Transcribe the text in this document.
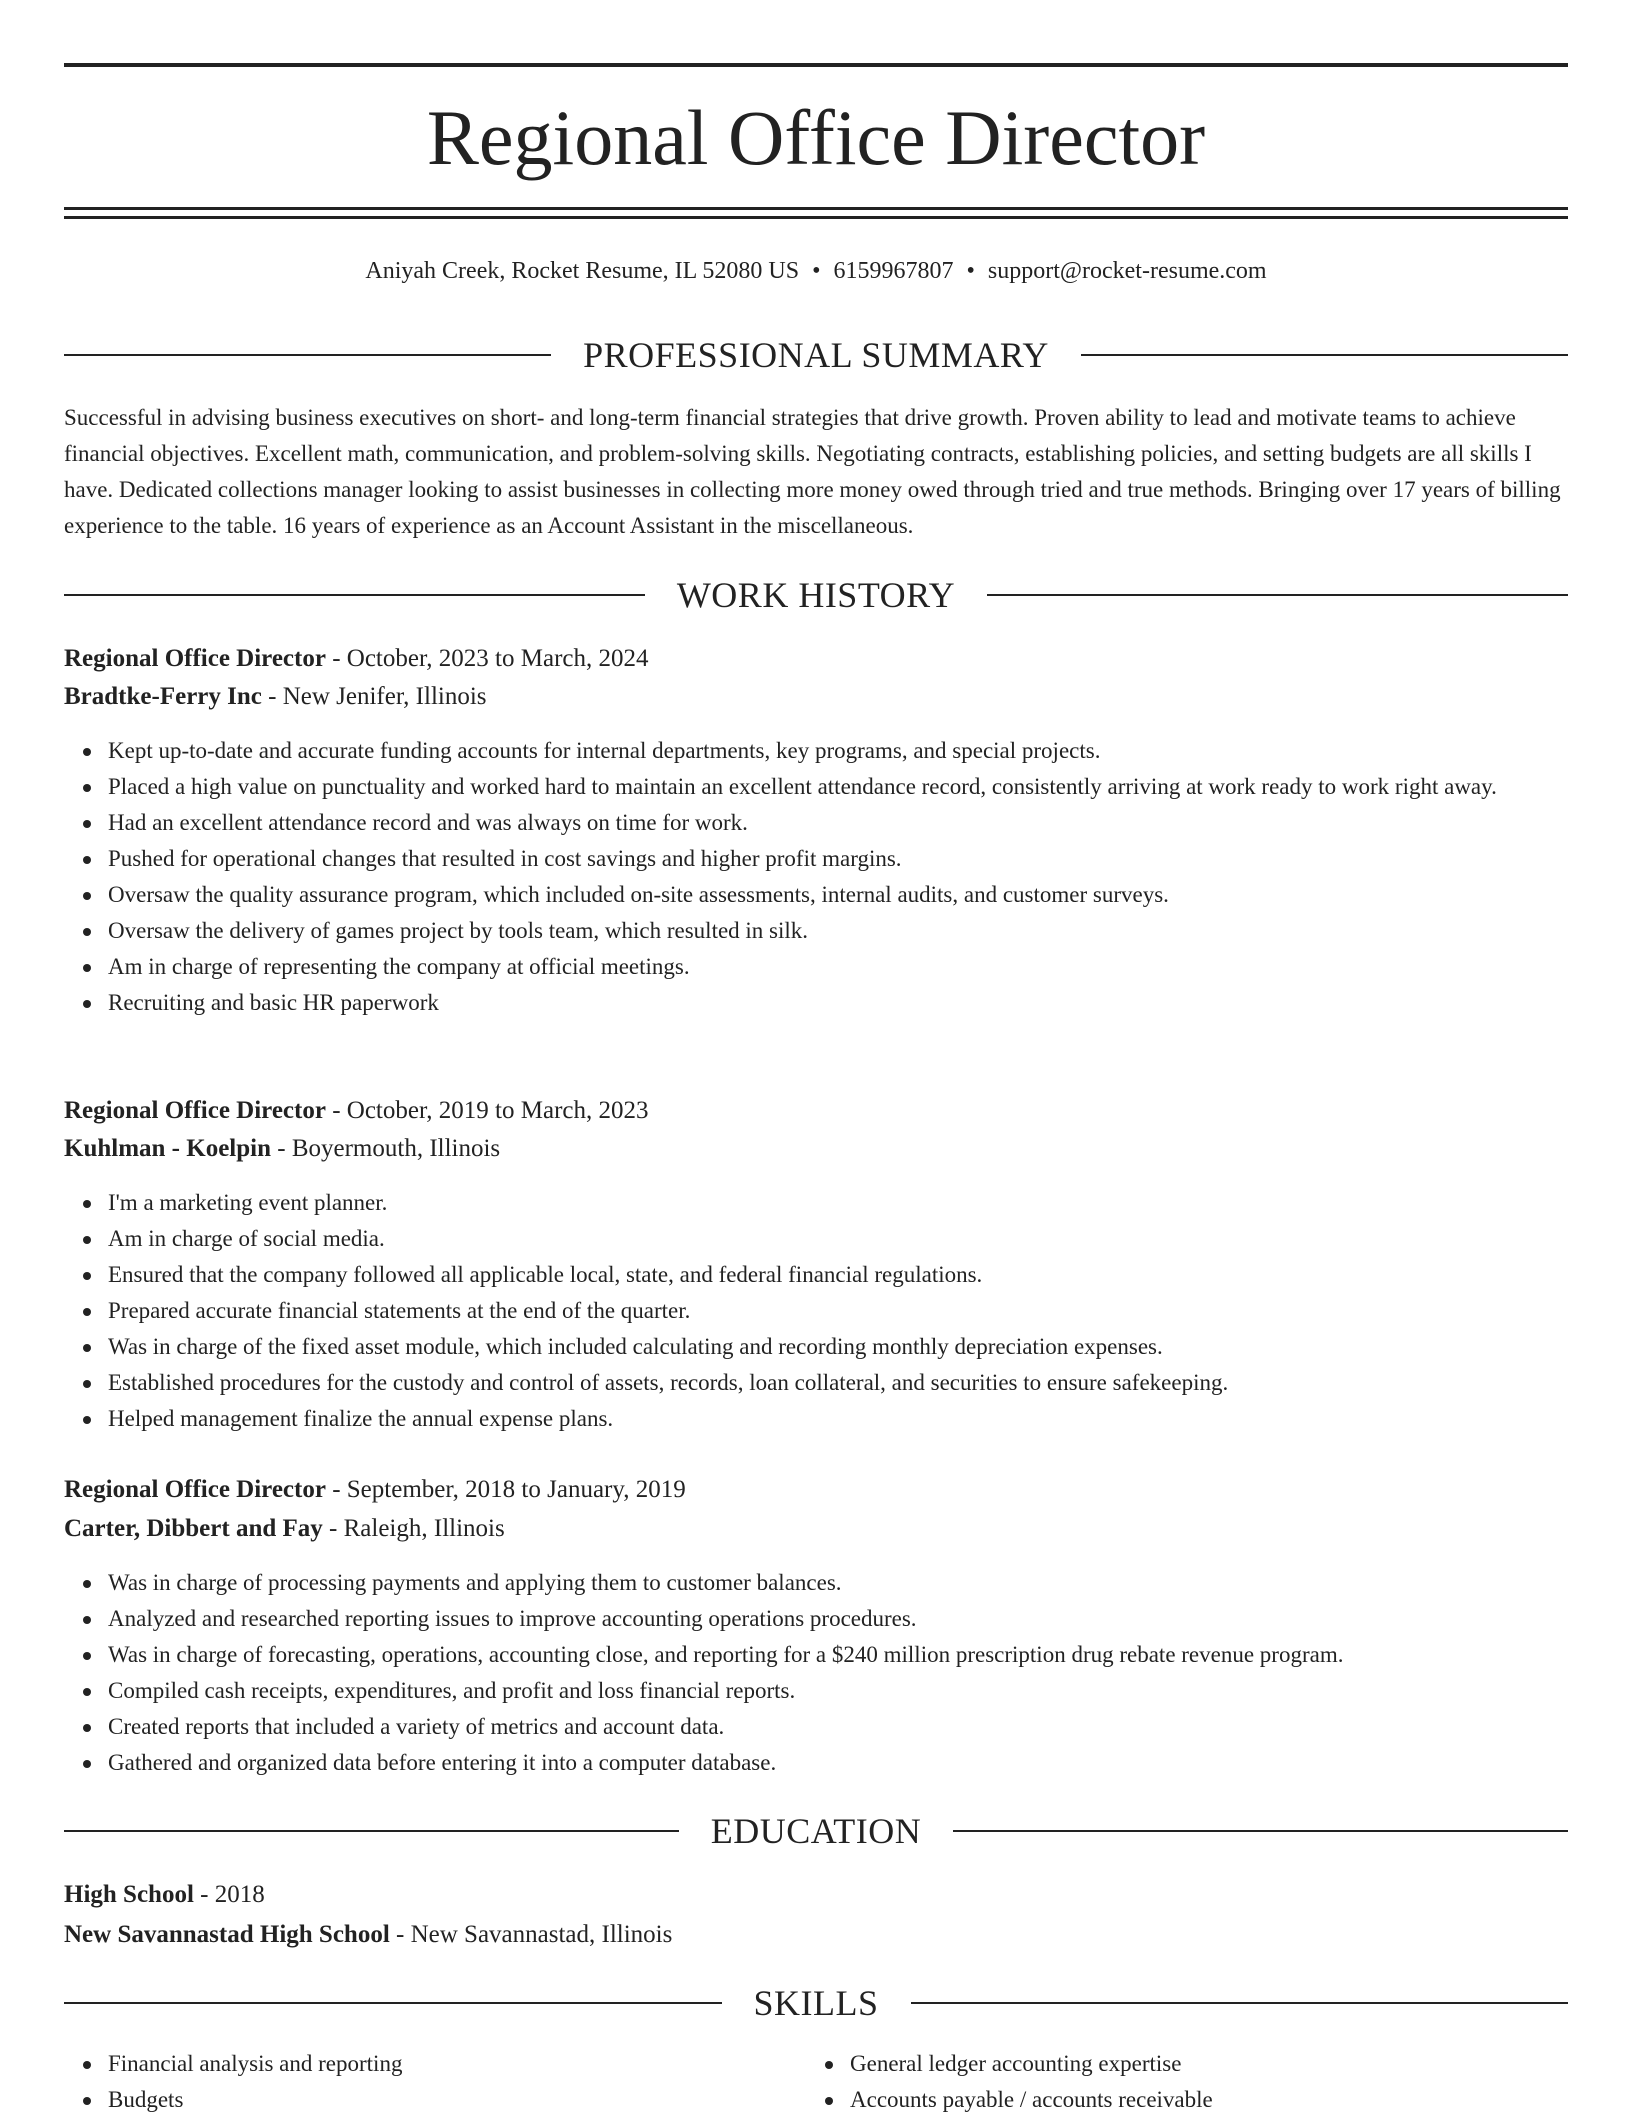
Regional Office Director
Aniyah Creek, Rocket Resume, IL 52080 US • 6159967807 • support@rocket-resume.com
PROFESSIONAL SUMMARY

Successful in advising business executives on short- and long-term financial strategies that drive growth. Proven ability to lead and motivate teams to achieve financial objectives. Excellent math, communication, and problem-solving skills. Negotiating contracts, establishing policies, and setting budgets are all skills I have. Dedicated collections manager looking to assist businesses in collecting more money owed through tried and true methods. Bringing over 17 years of billing experience to the table. 16 years of experience as an Account Assistant in the miscellaneous.

WORK HISTORY
Regional Office Director - October, 2023 to March, 2024
Bradtke-Ferry Inc - New Jenifer, Illinois
Kept up-to-date and accurate funding accounts for internal departments, key programs, and special projects.
Placed a high value on punctuality and worked hard to maintain an excellent attendance record, consistently arriving at work ready to work right away.
Had an excellent attendance record and was always on time for work.
Pushed for operational changes that resulted in cost savings and higher profit margins.
Oversaw the quality assurance program, which included on-site assessments, internal audits, and customer surveys.
Oversaw the delivery of games project by tools team, which resulted in silk.
Am in charge of representing the company at official meetings.
Recruiting and basic HR paperwork
Regional Office Director - October, 2019 to March, 2023
Kuhlman - Koelpin - Boyermouth, Illinois
I'm a marketing event planner.
Am in charge of social media.
Ensured that the company followed all applicable local, state, and federal financial regulations.
Prepared accurate financial statements at the end of the quarter.
Was in charge of the fixed asset module, which included calculating and recording monthly depreciation expenses.
Established procedures for the custody and control of assets, records, loan collateral, and securities to ensure safekeeping.
Helped management finalize the annual expense plans.
Regional Office Director - September, 2018 to January, 2019
Carter, Dibbert and Fay - Raleigh, Illinois
Was in charge of processing payments and applying them to customer balances.
Analyzed and researched reporting issues to improve accounting operations procedures.
Was in charge of forecasting, operations, accounting close, and reporting for a $240 million prescription drug rebate revenue program.
Compiled cash receipts, expenditures, and profit and loss financial reports.
Created reports that included a variety of metrics and account data.
Gathered and organized data before entering it into a computer database.
EDUCATION
High School - 2018
New Savannastad High School - New Savannastad, Illinois
SKILLS
Financial analysis and reporting
Budgets
General ledger accounting expertise
Accounts payable / accounts receivable
